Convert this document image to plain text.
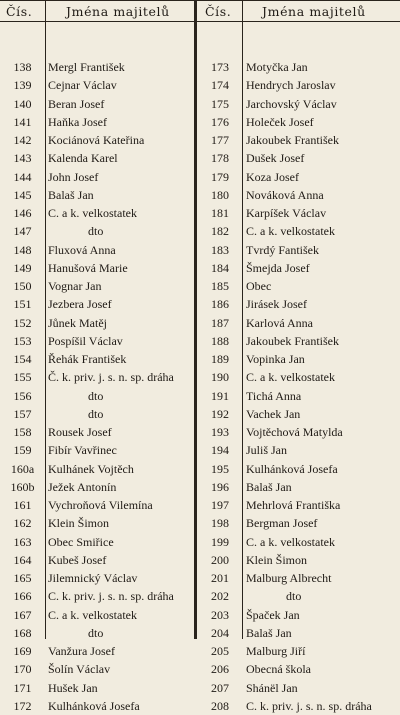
Čís.	Jména majitelů	Čís. Jména majitelů
138	Mergl František	173	Motyčka Jan
139	Cejnar Václav	174	Hendrych Jaroslav
140	Beran Josef	175	Jarchovský Václav
141	Haňka Josef	176	Holeček Josef
142	Kociánová Kateřina	177	Jakoubek František
143	Kalenda Karel	178	Dušek Josef
144	John Josef	179	Koza Josef
145	Balaš Jan	180	Nováková Anna
146	C. a k. velkostatek	181	Karpíšek Václav
147	dto	182	C. a k. velkostatek
148	Fluxová Anna	183	Tvrdý Fantišek
149	Hanušová Marie	184	Šmejda Josef
150	Vognar Jan	185	Obec
151	Jezbera Josef	186	Jirásek Josef
152	Jůnek Matěj	187	Karlová Anna
153	Pospíšil Václav	188	Jakoubek František
154	Řehák František	189	Vopinka Jan
155	Č. k. priv. j. s. n. sp. dráha	190	C. a k. velkostatek
156	dto	191	Tichá Anna
157	dto	192	Vachek Jan
158	Rousek Josef	193	Vojtěchová Matylda
159	Fibír Vavřinec	194	Juliš Jan
160a	Kulhánek Vojtěch	195	Kulhánková Josefa
160b	Ježek Antonín	196	Balaš Jan
161	Vychroňová Vilemína	197	Mehrlová Františka
162	Klein Šimon	198	Bergman Josef
163	Obec Smiřice	199	C. a k. velkostatek
164	Kubeš Josef	200	Klein Šimon
165	Jilemnický Václav	201	Malburg Albrecht
166	C. k. priv. j. s. n. sp. dráha	202	dto
167	C. a k. velkostatek	203	Špaček Jan
168	dto	204	Balaš Jan
169	Vanžura Josef	205	Malburg Jiří
170	Šolín Václav	206	Obecná škola
171	Hušek Jan	207	Shánël Jan
172	Kulhánková Josefa	208	C. k. priv. j. s. n. sp. dráha
